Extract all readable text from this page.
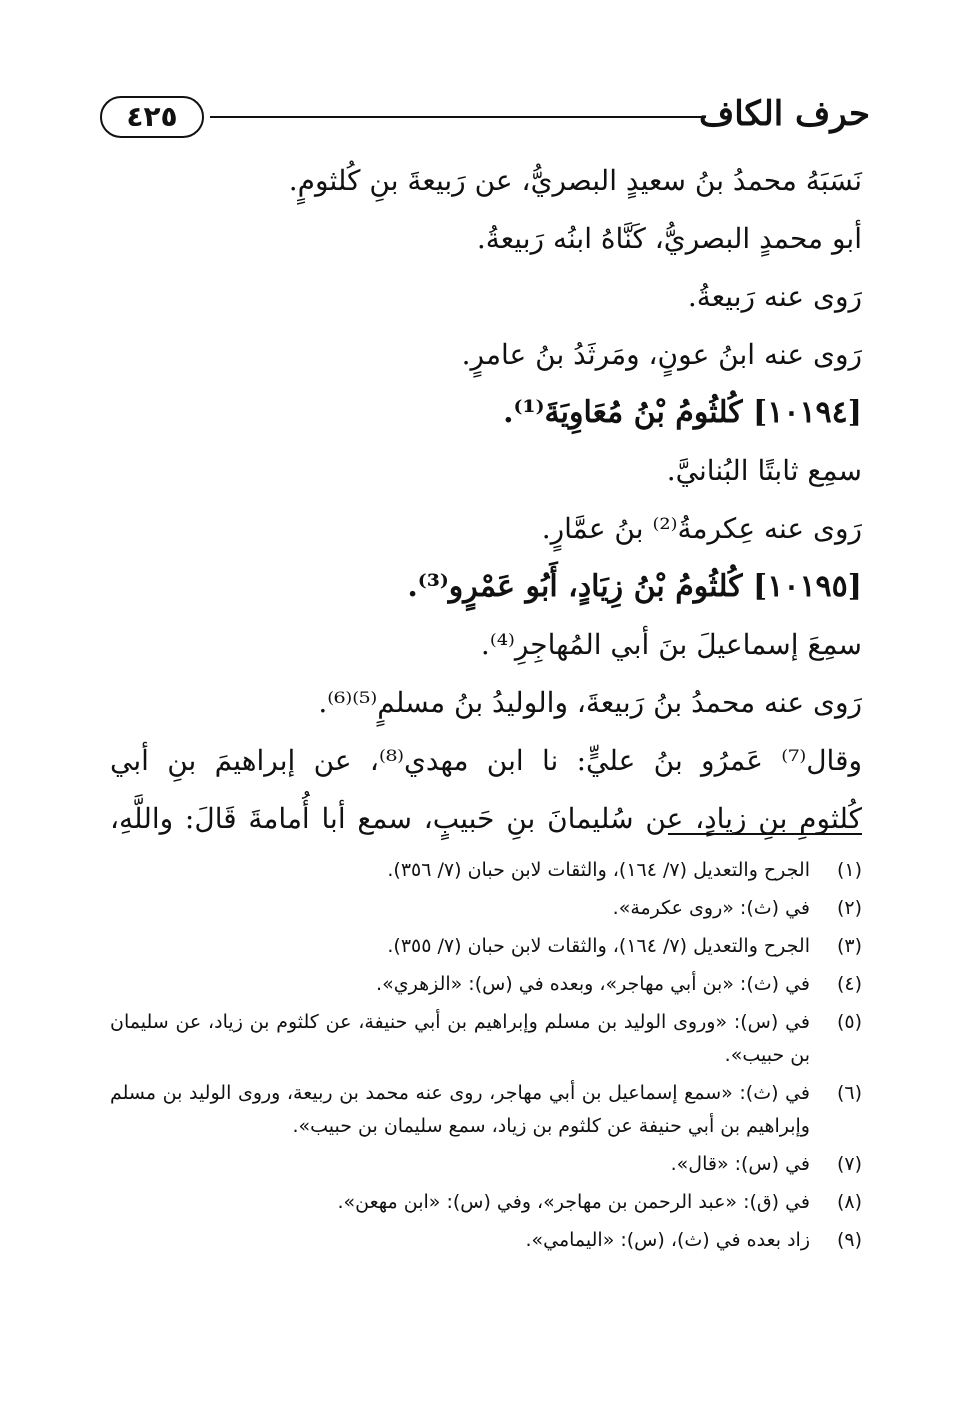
حرف الكاف
٤٢٥
نَسَبَهُ محمدُ بنُ سعيدٍ البصريُّ، عن رَبيعةَ بنِ كُلثومٍ.
أبو محمدٍ البصريُّ، كَنَّاهُ ابنُه رَبيعةُ.
رَوى عنه رَبيعةُ.
رَوى عنه ابنُ عونٍ، ومَرثَدُ بنُ عامرٍ.
[١٠١٩٤] كُلثُومُ بْنُ مُعَاوِيَةَ⁽¹⁾.
سمِع ثابتًا البُنانيَّ.
رَوى عنه عِكرمةُ⁽²⁾ بنُ عمَّارٍ.
[١٠١٩٥] كُلثُومُ بْنُ زِيَادٍ، أَبُو عَمْرٍو⁽³⁾.
سمِعَ إسماعيلَ بنَ أبي المُهاجِرِ⁽⁴⁾.
رَوى عنه محمدُ بنُ رَبيعةَ، والوليدُ بنُ مسلمٍ⁽⁵⁾⁽⁶⁾.
وقال⁽⁷⁾ عَمرُو بنُ عليٍّ: نا ابن مهدي⁽⁸⁾، عن إبراهيمَ بنِ أبي
كُلثومِ بنِ زيادٍ، عن سُليمانَ بنِ حَبيبٍ، سمع أبا أُمامةَ قَالَ: واللَّهِ،
(١)
الجرح والتعديل (٧/ ١٦٤)، والثقات لابن حبان (٧/ ٣٥٦).
(٢)
في (ث): «روى عكرمة».
(٣)
الجرح والتعديل (٧/ ١٦٤)، والثقات لابن حبان (٧/ ٣٥٥).
(٤)
في (ث): «بن أبي مهاجر»، وبعده في (س): «الزهري».
(٥)
في (س): «وروى الوليد بن مسلم وإبراهيم بن أبي حنيفة، عن كلثوم بن زياد، عن سليمان بن حبيب».
(٦)
في (ث): «سمع إسماعيل بن أبي مهاجر، روى عنه محمد بن ربيعة، وروى الوليد بن مسلم وإبراهيم بن أبي حنيفة عن كلثوم بن زياد، سمع سليمان بن حبيب».
(٧)
في (س): «قال».
(٨)
في (ق): «عبد الرحمن بن مهاجر»، وفي (س): «ابن مهعن».
(٩)
زاد بعده في (ث)، (س): «اليمامي».
